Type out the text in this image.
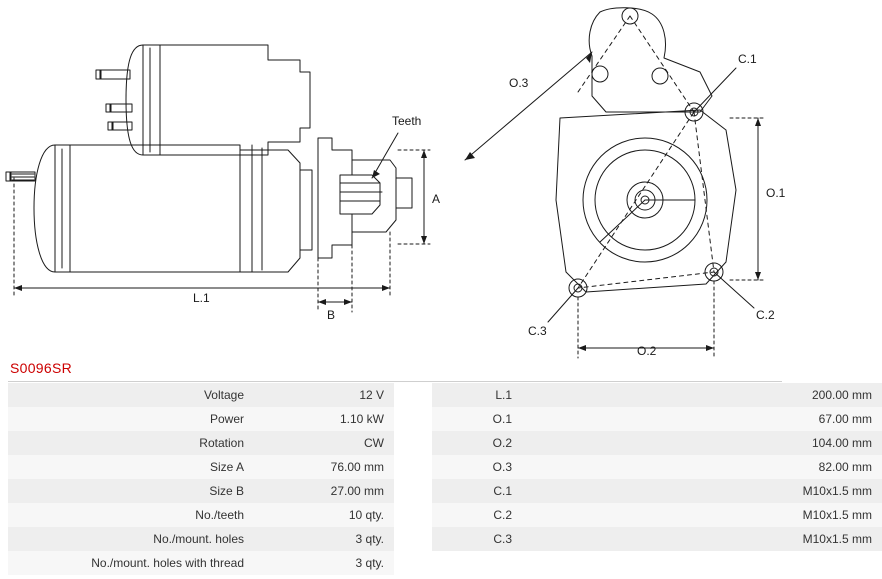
Teeth
A
B
L.1
O.3
O.1
O.2
C.1
C.2
C.3
S0096SR
Voltage	12 V		L.1	200.00 mm
Power	1.10 kW		O.1	67.00 mm
Rotation	CW		O.2	104.00 mm
Size A	76.00 mm		O.3	82.00 mm
Size B	27.00 mm		C.1	M10x1.5 mm
No./teeth	10 qty.		C.2	M10x1.5 mm
No./mount. holes	3 qty.		C.3	M10x1.5 mm
No./mount. holes with thread	3 qty.			
